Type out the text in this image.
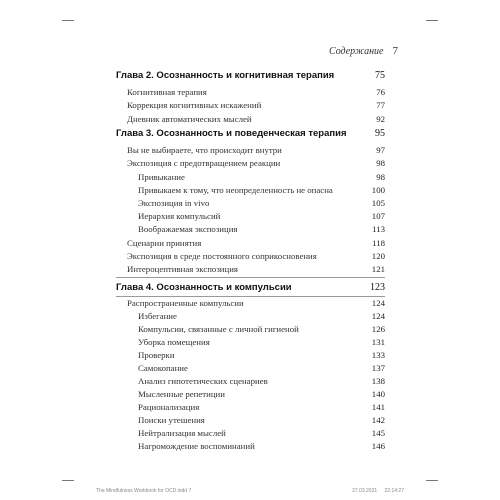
Содержание 7
Глава 2. Осознанность и когнитивная терапия	75
Когнитивная терапия	76
Коррекция когнитивных искажений	77
Дневник автоматических мыслей	92
Глава 3. Осознанность и поведенческая терапия	95
Вы не выбираете, что происходит внутри	97
Экспозиция с предотвращением реакции	98
Привыкание	98
Привыкаем к тому, что неопределенность не опасна	100
Экспозиция in vivo	105
Иерархия компульсий	107
Воображаемая экспозиция	113
Сценарии принятия	118
Экспозиция в среде постоянного соприкосновения	120
Интероцептивная экспозиция	121
Глава 4. Осознанность и компульсии	123
Распространенные компульсии	124
Избегание	124
Компульсии, связанные с личной гигиеной	126
Уборка помещения	131
Проверки	133
Самокопание	137
Анализ гипотетических сценариев	138
Мысленные репетиции	140
Рационализация	141
Поиски утешения	142
Нейтрализация мыслей	145
Нагромождение воспоминаний	146
The Mindfulness Workbook for OCD.indd 7	27.03.2021 22:14:27
